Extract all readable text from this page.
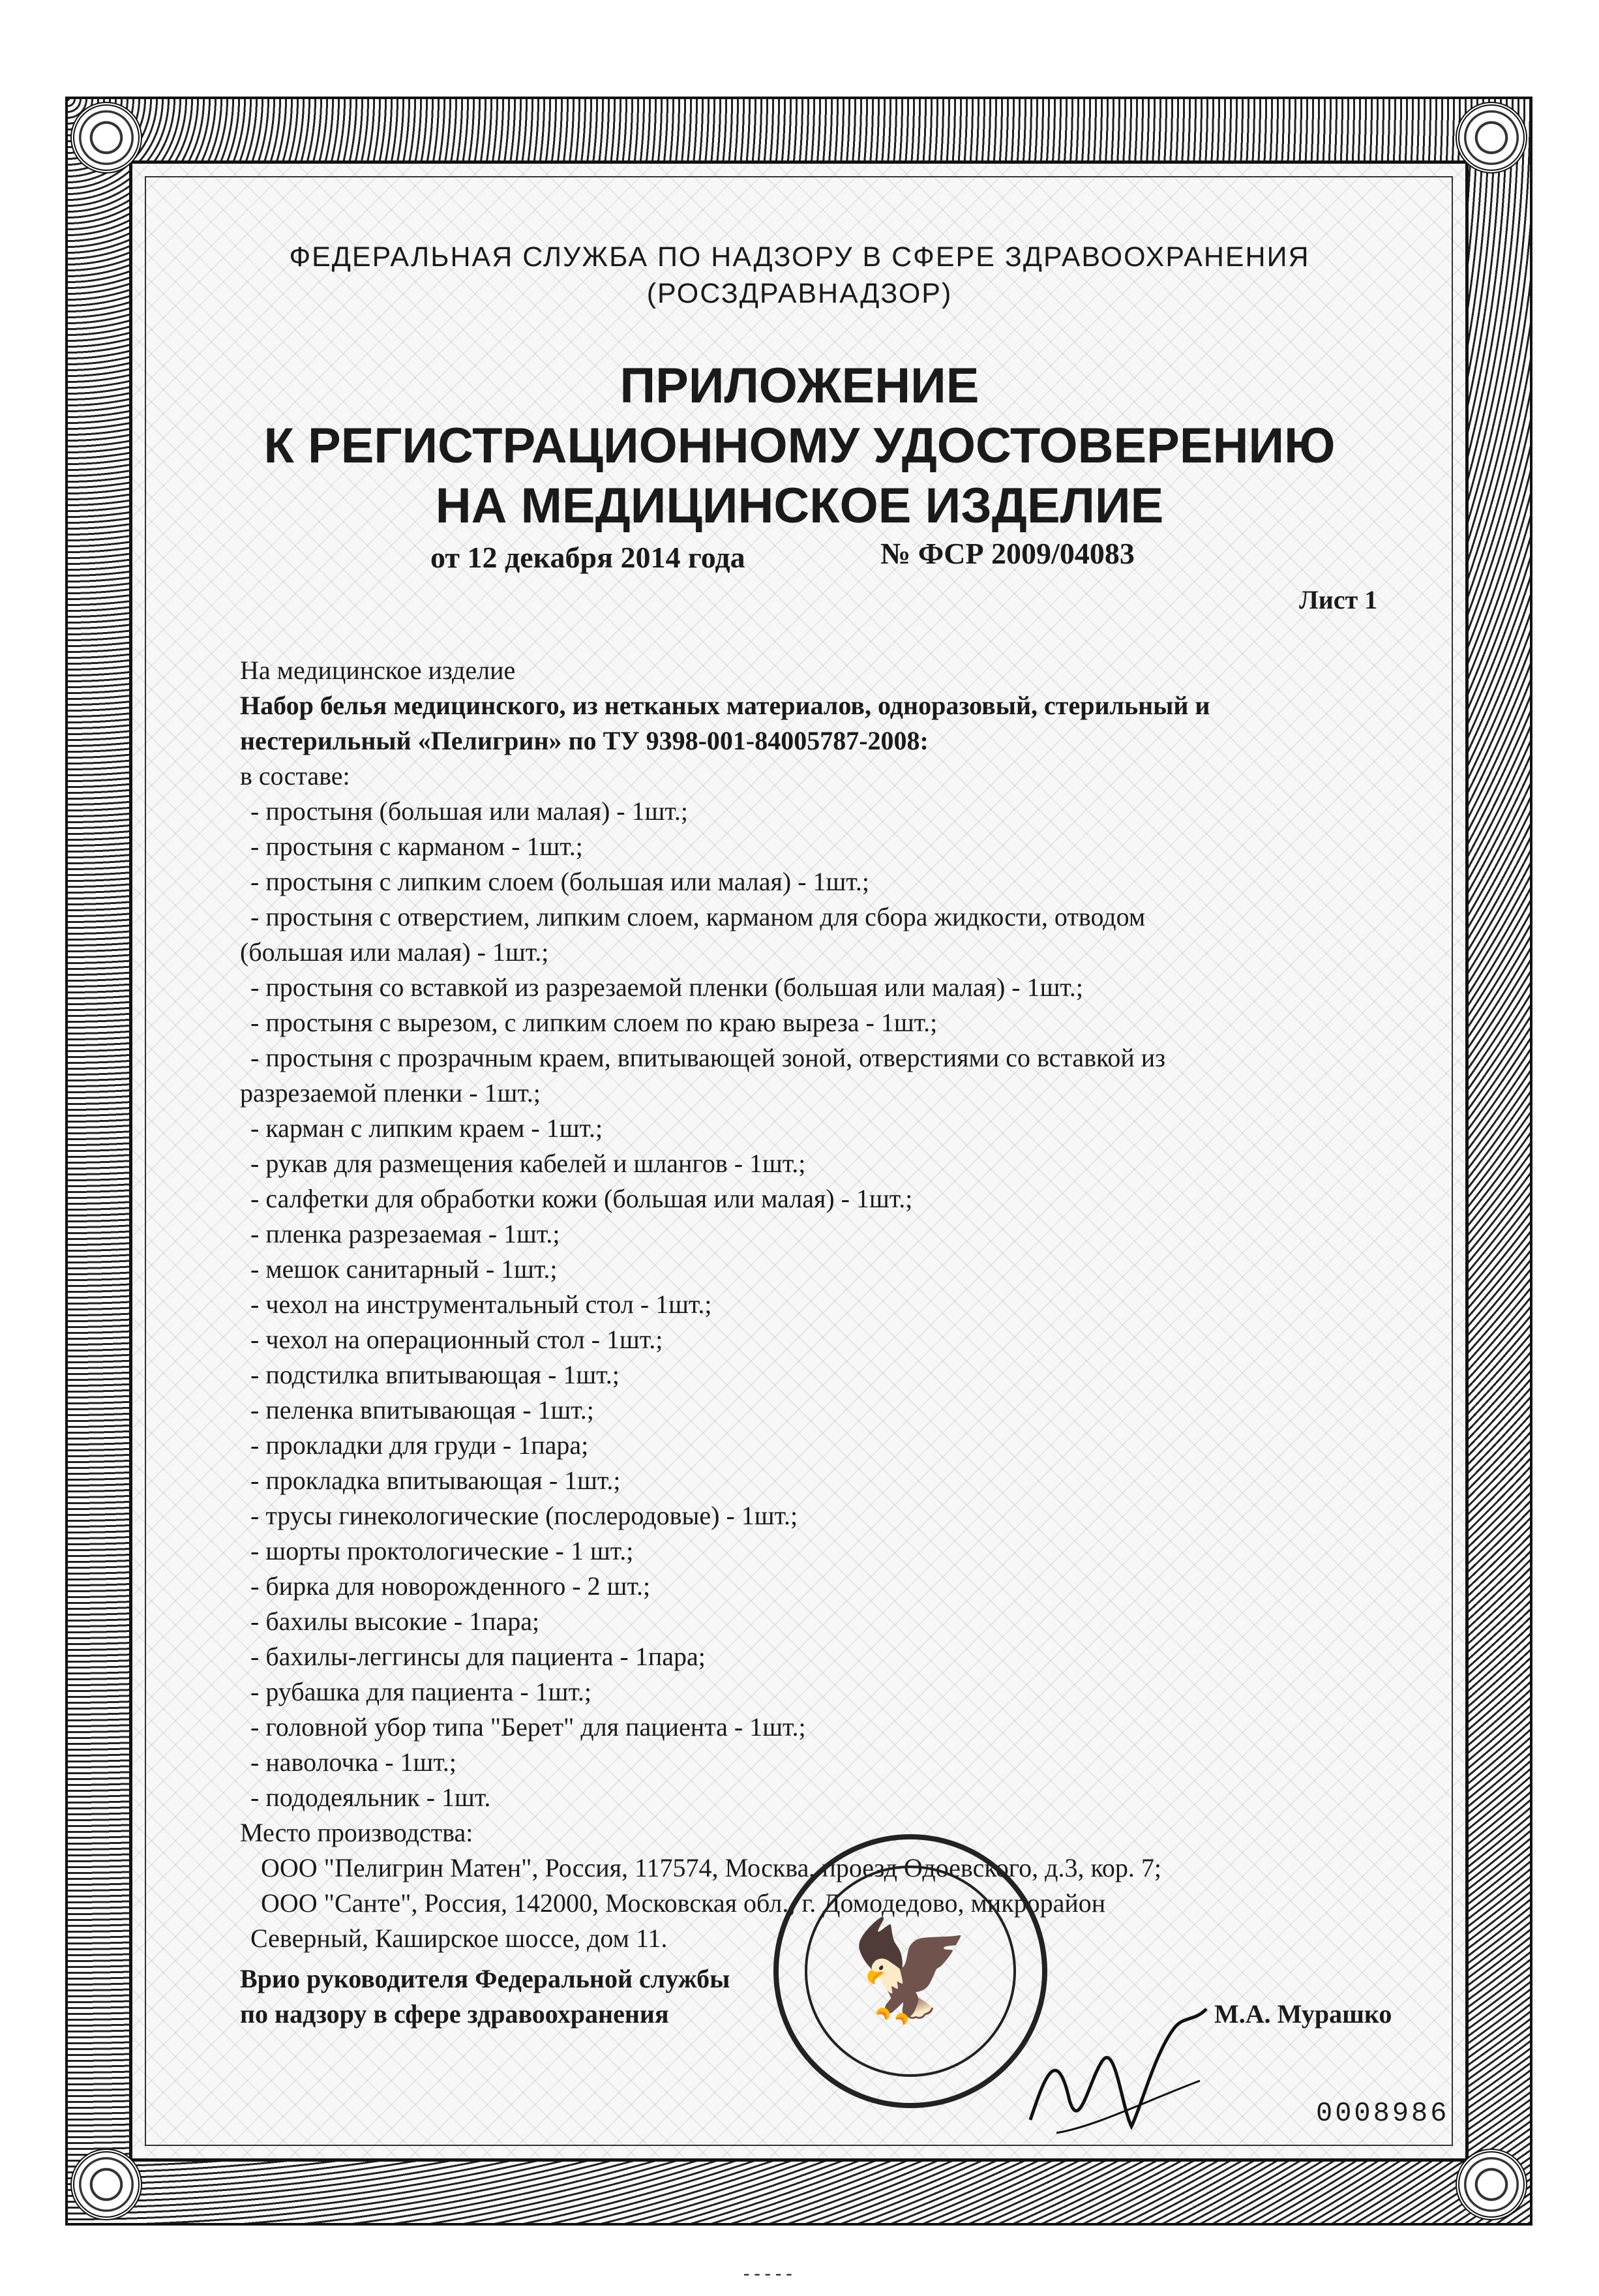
ФЕДЕРАЛЬНАЯ СЛУЖБА ПО НАДЗОРУ В СФЕРЕ ЗДРАВООХРАНЕНИЯ
(РОСЗДРАВНАДЗОР)
ПРИЛОЖЕНИЕ
К РЕГИСТРАЦИОННОМУ УДОСТОВЕРЕНИЮ
НА МЕДИЦИНСКОЕ ИЗДЕЛИЕ
от 12 декабря 2014 года	№ ФСР 2009/04083
Лист 1
На медицинское изделие
Набор белья медицинского, из нетканых материалов, одноразовый, стерильный и
нестерильный «Пелигрин» по ТУ 9398-001-84005787-2008:
в составе:
- простыня (большая или малая) - 1шт.;
- простыня с карманом - 1шт.;
- простыня с липким слоем (большая или малая) - 1шт.;
- простыня с отверстием, липким слоем, карманом для сбора жидкости, отводом
(большая или малая) - 1шт.;
- простыня со вставкой из разрезаемой пленки (большая или малая) - 1шт.;
- простыня с вырезом, с липким слоем по краю выреза - 1шт.;
- простыня с прозрачным краем, впитывающей зоной, отверстиями со вставкой из
разрезаемой пленки - 1шт.;
- карман с липким краем - 1шт.;
- рукав для размещения кабелей и шлангов - 1шт.;
- салфетки для обработки кожи (большая или малая) - 1шт.;
- пленка разрезаемая - 1шт.;
- мешок санитарный - 1шт.;
- чехол на инструментальный стол - 1шт.;
- чехол на операционный стол - 1шт.;
- подстилка впитывающая - 1шт.;
- пеленка впитывающая - 1шт.;
- прокладки для груди - 1пара;
- прокладка впитывающая - 1шт.;
- трусы гинекологические (послеродовые) - 1шт.;
- шорты проктологические - 1 шт.;
- бирка для новорожденного - 2 шт.;
- бахилы высокие - 1пара;
- бахилы-леггинсы для пациента - 1пара;
- рубашка для пациента - 1шт.;
- головной убор типа "Берет" для пациента - 1шт.;
- наволочка - 1шт.;
- пододеяльник - 1шт.
Место производства:
ООО "Пелигрин Матен", Россия, 117574, Москва, проезд Одоевского, д.3, кор. 7;
ООО "Санте", Россия, 142000, Московская обл., г. Домодедово, микрорайон
Северный, Каширское шоссе, дом 11.
Врио руководителя Федеральной службы
по надзору в сфере здравоохранения	М.А. Мурашко
0008986
- - - - -
🦅
